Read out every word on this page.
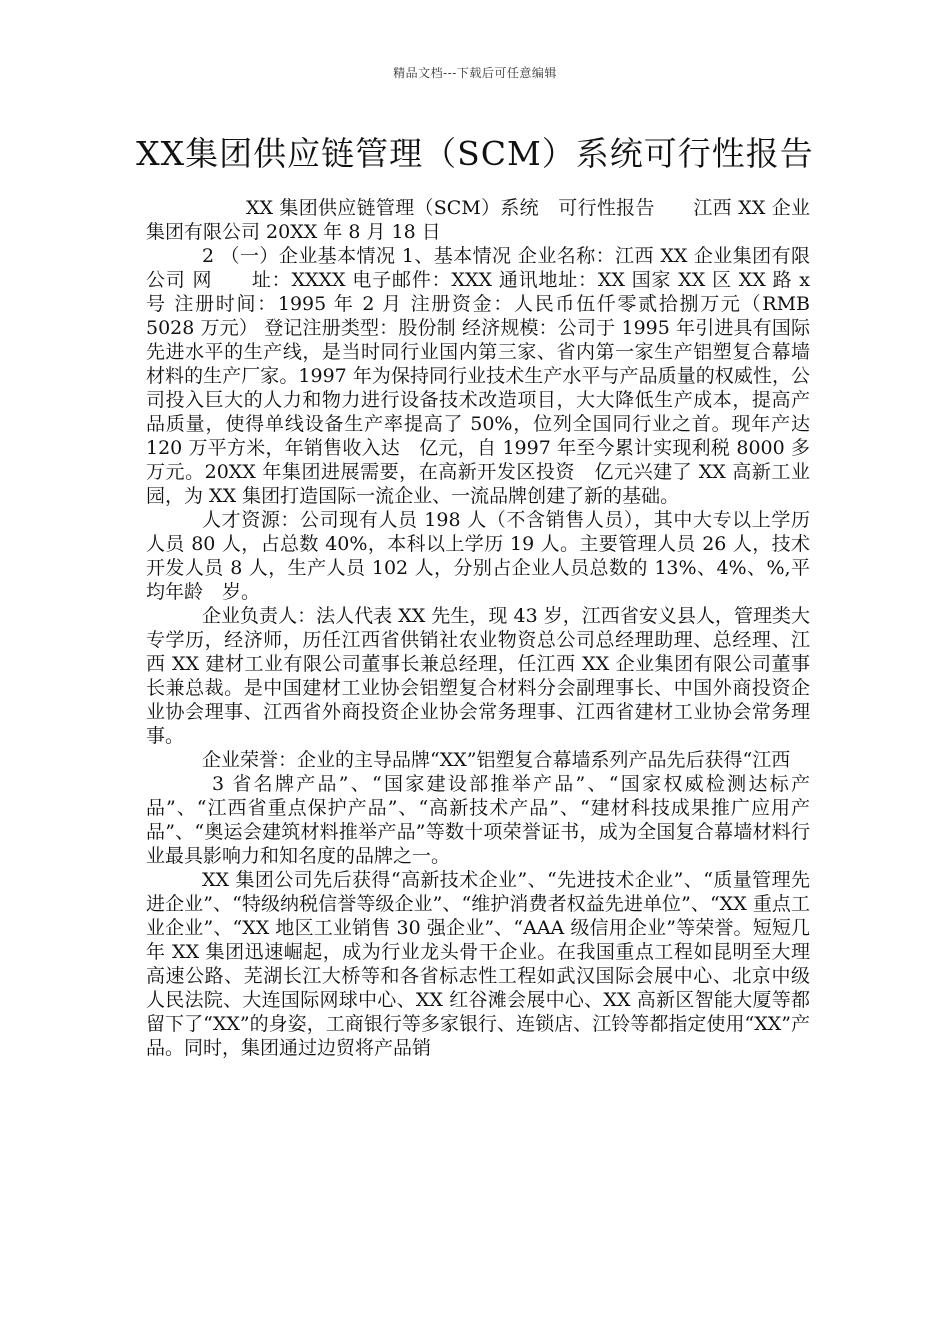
精品文档---下载后可任意编辑
XX集团供应链管理（SCM）系统可行性报告

XX 集团供应链管理（SCM）系统　可行性报告　　江西 XX 企业集团有限公司 20XX 年 8 月 18 日

2 （一）企业基本情况 1、基本情况 企业名称：江西 XX 企业集团有限公司 网　　址：XXXX 电子邮件：XXX 通讯地址：XX 国家 XX 区 XX 路 x 号 注册时间：1995 年 2 月 注册资金：人民币伍仟零贰拾捌万元（RMB 5028 万元） 登记注册类型：股份制 经济规模：公司于 1995 年引进具有国际先进水平的生产线，是当时同行业国内第三家、省内第一家生产铝塑复合幕墙材料的生产厂家。1997 年为保持同行业技术生产水平与产品质量的权威性，公司投入巨大的人力和物力进行设备技术改造项目，大大降低生产成本，提高产品质量，使得单线设备生产率提高了 50%，位列全国同行业之首。现年产达 120 万平方米，年销售收入达　亿元，自 1997 年至今累计实现利税 8000 多万元。20XX 年集团进展需要，在高新开发区投资　亿元兴建了 XX 高新工业园，为 XX 集团打造国际一流企业、一流品牌创建了新的基础。

人才资源：公司现有人员 198 人（不含销售人员），其中大专以上学历人员 80 人，占总数 40%，本科以上学历 19 人。主要管理人员 26 人，技术开发人员 8 人，生产人员 102 人，分别占企业人员总数的 13%、4%、%,平均年龄　岁。

企业负责人：法人代表 XX 先生，现 43 岁，江西省安义县人，管理类大专学历，经济师，历任江西省供销社农业物资总公司总经理助理、总经理、江西 XX 建材工业有限公司董事长兼总经理，任江西 XX 企业集团有限公司董事长兼总裁。是中国建材工业协会铝塑复合材料分会副理事长、中国外商投资企业协会理事、江西省外商投资企业协会常务理事、江西省建材工业协会常务理事。

企业荣誉：企业的主导品牌“XX”铝塑复合幕墙系列产品先后获得“江西

3 省名牌产品”、“国家建设部推举产品”、“国家权威检测达标产品”、“江西省重点保护产品”、“高新技术产品”、“建材科技成果推广应用产品”、“奥运会建筑材料推举产品”等数十项荣誉证书，成为全国复合幕墙材料行业最具影响力和知名度的品牌之一。

XX 集团公司先后获得“高新技术企业”、“先进技术企业”、“质量管理先进企业”、“特级纳税信誉等级企业”、“维护消费者权益先进单位”、“XX 重点工业企业”、“XX 地区工业销售 30 强企业”、“AAA 级信用企业”等荣誉。短短几年 XX 集团迅速崛起，成为行业龙头骨干企业。在我国重点工程如昆明至大理高速公路、芜湖长江大桥等和各省标志性工程如武汉国际会展中心、北京中级人民法院、大连国际网球中心、XX 红谷滩会展中心、XX 高新区智能大厦等都留下了“XX”的身姿，工商银行等多家银行、连锁店、江铃等都指定使用“XX”产品。同时，集团通过边贸将产品销
